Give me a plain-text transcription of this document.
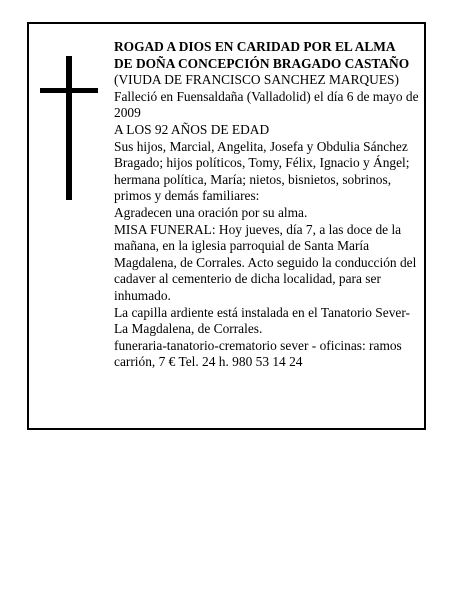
ROGAD A DIOS EN CARIDAD POR EL ALMA
DE DOÑA CONCEPCIÓN BRAGADO CASTAÑO

(VIUDA DE FRANCISCO SANCHEZ MARQUES)

Falleció en Fuensaldaña (Valladolid) el día 6 de mayo de 2009

A LOS 92 AÑOS DE EDAD

Sus hijos, Marcial, Angelita, Josefa y Obdulia Sánchez Bragado; hijos políticos, Tomy, Félix, Ignacio y Ángel; hermana política, María; nietos, bisnietos, sobrinos, primos y demás familiares:

Agradecen una oración por su alma.

MISA FUNERAL: Hoy jueves, día 7, a las doce de la mañana, en la iglesia parroquial de Santa María Magdalena, de Corrales. Acto seguido la conducción del cadaver al cementerio de dicha localidad, para ser inhumado.

La capilla ardiente está instalada en el Tanatorio Sever-La Magdalena, de Corrales.

funeraria-tanatorio-crematorio sever - oficinas: ramos carrión, 7 € Tel. 24 h. 980 53 14 24
